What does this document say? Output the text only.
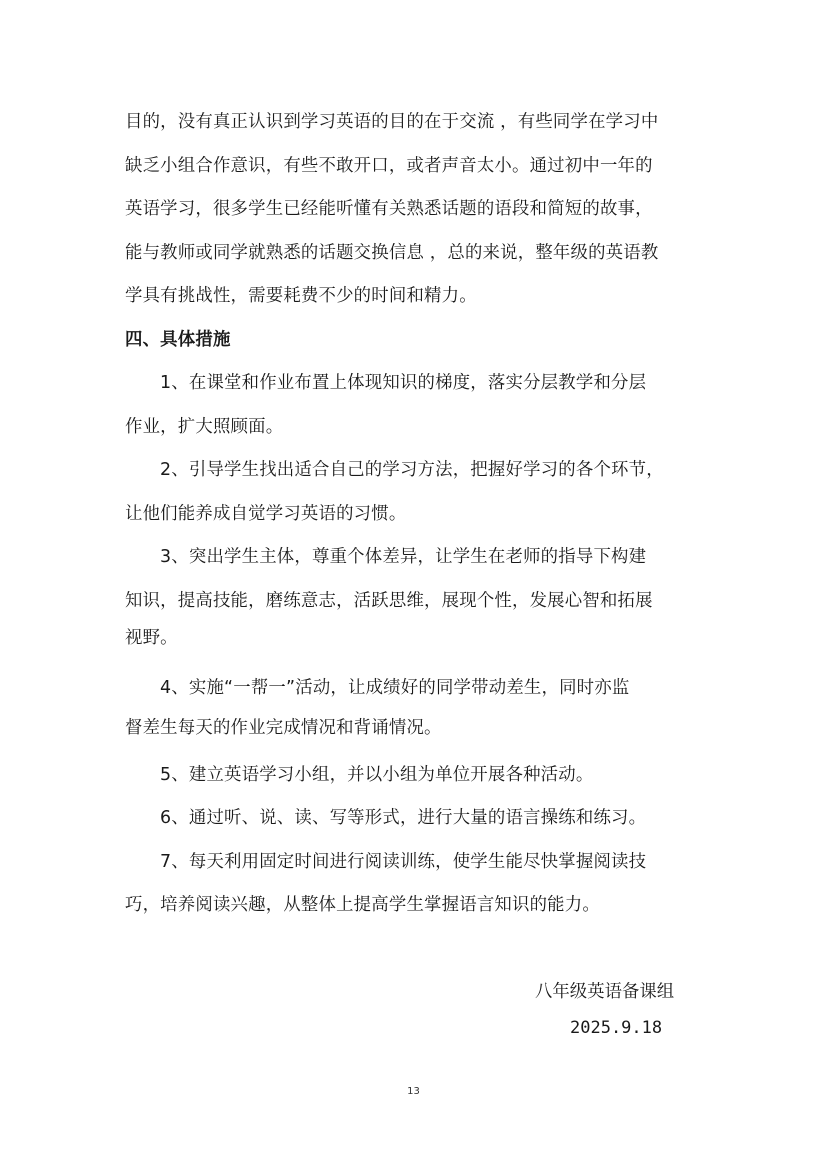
目的，没有真正认识到学习英语的目的在于交流 ，有些同学在学习中
缺乏小组合作意识，有些不敢开口，或者声音太小。通过初中一年的
英语学习，很多学生已经能听懂有关熟悉话题的语段和简短的故事，
能与教师或同学就熟悉的话题交换信息 ，总的来说，整年级的英语教
学具有挑战性，需要耗费不少的时间和精力。
四、具体措施
1、在课堂和作业布置上体现知识的梯度，落实分层教学和分层
作业，扩大照顾面。
2、引导学生找出适合自己的学习方法，把握好学习的各个环节，
让他们能养成自觉学习英语的习惯。
3、突出学生主体，尊重个体差异，让学生在老师的指导下构建
知识，提高技能，磨练意志，活跃思维，展现个性，发展心智和拓展
视野。
4、实施“一帮一”活动，让成绩好的同学带动差生，同时亦监
督差生每天的作业完成情况和背诵情况。
5、建立英语学习小组，并以小组为单位开展各种活动。
6、通过听、说、读、写等形式，进行大量的语言操练和练习。
7、每天利用固定时间进行阅读训练，使学生能尽快掌握阅读技
巧，培养阅读兴趣，从整体上提高学生掌握语言知识的能力。
八年级英语备课组
2025.9.18
13
